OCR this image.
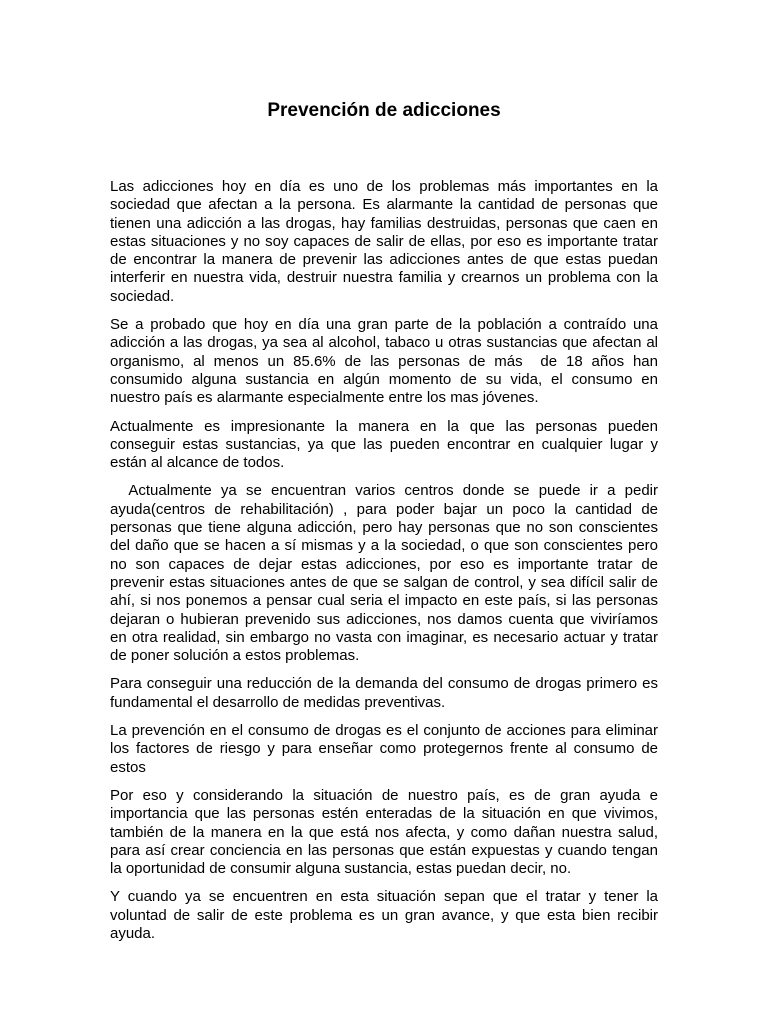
Prevención de adicciones

Las adicciones hoy en día es uno de los problemas más importantes en la sociedad que afectan a la persona. Es alarmante la cantidad de personas que tienen una adicción a las drogas, hay familias destruidas, personas que caen en estas situaciones y no soy capaces de salir de ellas, por eso es importante tratar de encontrar la manera de prevenir las adicciones antes de que estas puedan interferir en nuestra vida, destruir nuestra familia y crearnos un problema con la sociedad.

Se a probado que hoy en día una gran parte de la población a contraído una adicción a las drogas, ya sea al alcohol, tabaco u otras sustancias que afectan al organismo, al menos un 85.6% de las personas de más  de 18 años han consumido alguna sustancia en algún momento de su vida, el consumo en nuestro país es alarmante especialmente entre los mas jóvenes.

Actualmente es impresionante la manera en la que las personas pueden conseguir estas sustancias, ya que las pueden encontrar en cualquier lugar y están al alcance de todos.

Actualmente ya se encuentran varios centros donde se puede ir a pedir ayuda(centros de rehabilitación) , para poder bajar un poco la cantidad de personas que tiene alguna adicción, pero hay personas que no son conscientes del daño que se hacen a sí mismas y a la sociedad, o que son conscientes pero no son capaces de dejar estas adicciones, por eso es importante tratar de prevenir estas situaciones antes de que se salgan de control, y sea difícil salir de ahí, si nos ponemos a pensar cual seria el impacto en este país, si las personas dejaran o hubieran prevenido sus adicciones, nos damos cuenta que viviríamos en otra realidad, sin embargo no vasta con imaginar, es necesario actuar y tratar de poner solución a estos problemas.

Para conseguir una reducción de la demanda del consumo de drogas primero es fundamental el desarrollo de medidas preventivas.

La prevención en el consumo de drogas es el conjunto de acciones para eliminar los factores de riesgo y para enseñar como protegernos frente al consumo de estos

Por eso y considerando la situación de nuestro país, es de gran ayuda e importancia que las personas estén enteradas de la situación en que vivimos, también de la manera en la que está nos afecta, y como dañan nuestra salud, para así crear conciencia en las personas que están expuestas y cuando tengan la oportunidad de consumir alguna sustancia, estas puedan decir, no.

Y cuando ya se encuentren en esta situación sepan que el tratar y tener la voluntad de salir de este problema es un gran avance, y que esta bien recibir ayuda.
